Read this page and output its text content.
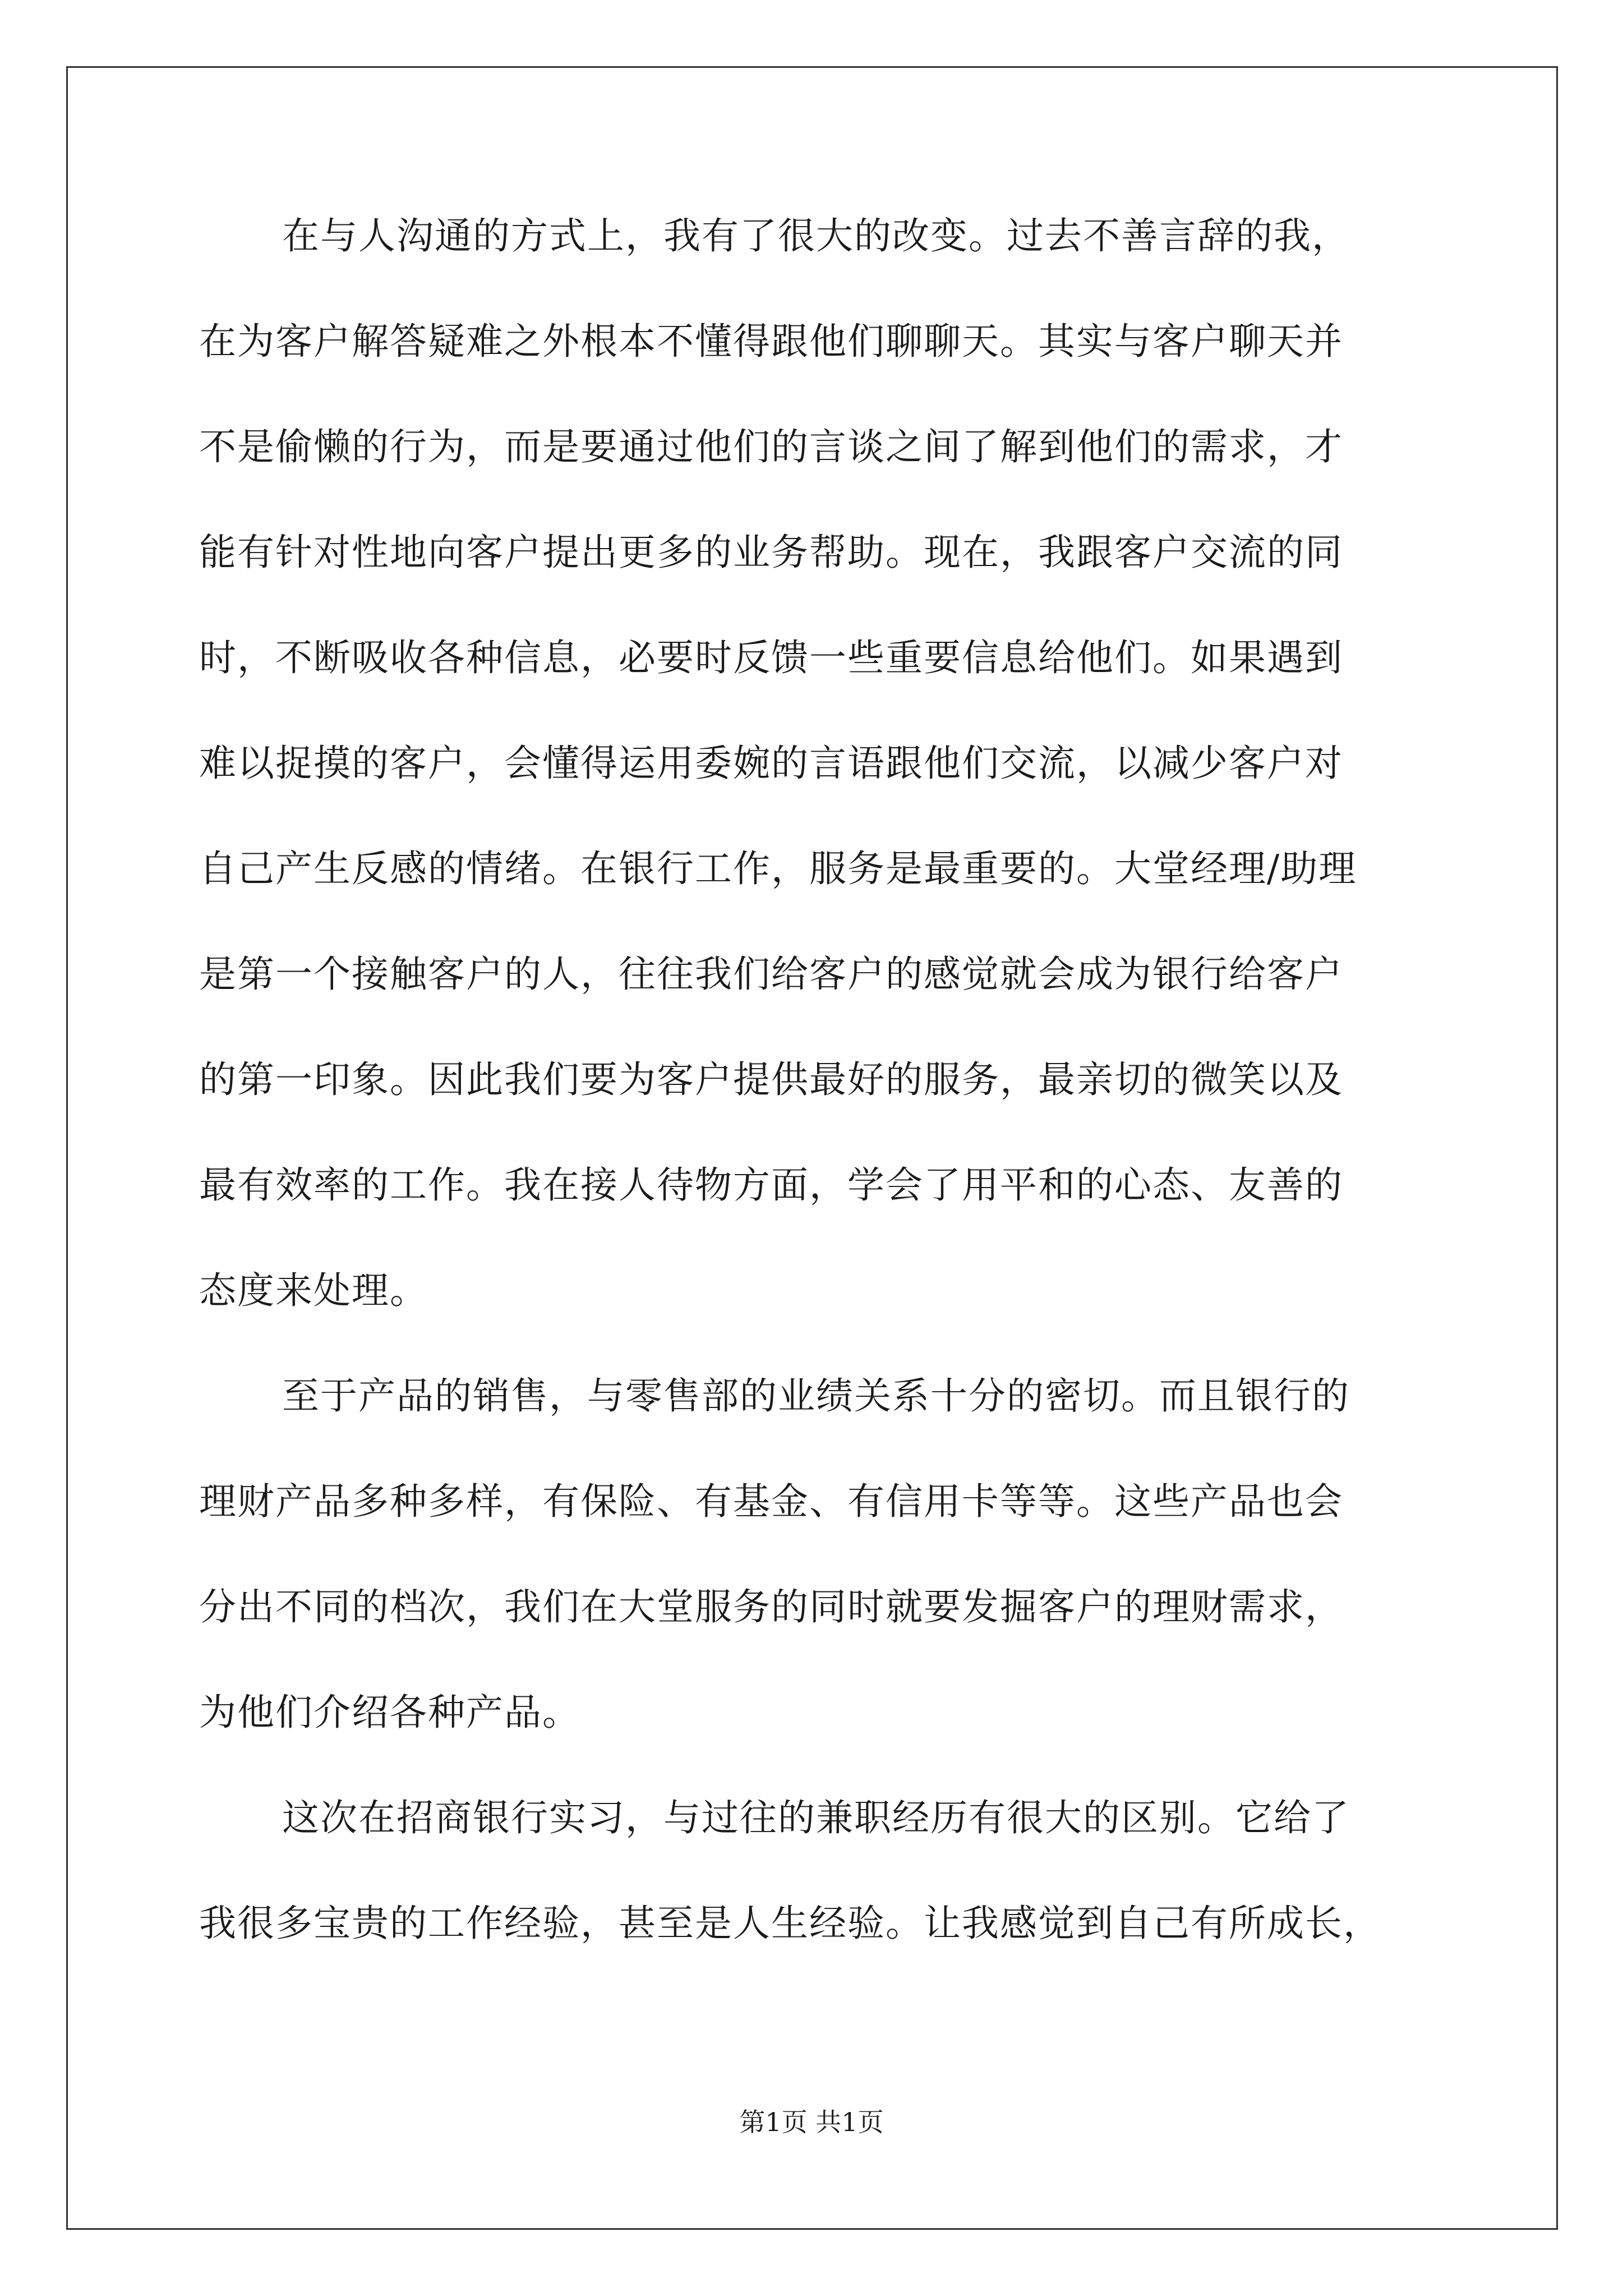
在与人沟通的方式上，我有了很大的改变。过去不善言辞的我，
在为客户解答疑难之外根本不懂得跟他们聊聊天。其实与客户聊天并
不是偷懒的行为，而是要通过他们的言谈之间了解到他们的需求，才
能有针对性地向客户提出更多的业务帮助。现在，我跟客户交流的同
时，不断吸收各种信息，必要时反馈一些重要信息给他们。如果遇到
难以捉摸的客户，会懂得运用委婉的言语跟他们交流，以减少客户对
自己产生反感的情绪。在银行工作，服务是最重要的。大堂经理/助理
是第一个接触客户的人，往往我们给客户的感觉就会成为银行给客户
的第一印象。因此我们要为客户提供最好的服务，最亲切的微笑以及
最有效率的工作。我在接人待物方面，学会了用平和的心态、友善的
态度来处理。
至于产品的销售，与零售部的业绩关系十分的密切。而且银行的
理财产品多种多样，有保险、有基金、有信用卡等等。这些产品也会
分出不同的档次，我们在大堂服务的同时就要发掘客户的理财需求，
为他们介绍各种产品。
这次在招商银行实习，与过往的兼职经历有很大的区别。它给了
我很多宝贵的工作经验，甚至是人生经验。让我感觉到自己有所成长，
第1页 共1页
